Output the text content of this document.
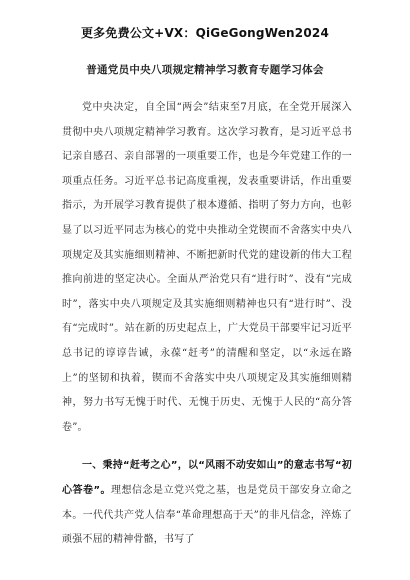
更多免费公文+VX：QiGeGongWen2024
普通党员中央八项规定精神学习教育专题学习体会

党中央决定，自全国“两会”结束至7月底，在全党开展深入贯彻中央八项规定精神学习教育。这次学习教育，是习近平总书记亲自感召、亲自部署的一项重要工作，也是今年党建工作的一项重点任务。习近平总书记高度重视，发表重要讲话，作出重要指示，为开展学习教育提供了根本遵循、指明了努力方向，也彰显了以习近平同志为核心的党中央推动全党锲而不舍落实中央八项规定及其实施细则精神、不断把新时代党的建设新的伟大工程推向前进的坚定决心。全面从严治党只有“进行时”、没有“完成时”，落实中央八项规定及其实施细则精神也只有“进行时”、没有“完成时”。站在新的历史起点上，广大党员干部要牢记习近平总书记的谆谆告诫，永葆“赶考”的清醒和坚定，以“永远在路上”的坚韧和执着，锲而不舍落实中央八项规定及其实施细则精神，努力书写无愧于时代、无愧于历史、无愧于人民的“高分答卷”。

一、秉持“赶考之心”，以“风雨不动安如山”的意志书写“初心答卷”。理想信念是立党兴党之基，也是党员干部安身立命之本。一代代共产党人信奉“革命理想高于天”的非凡信念，淬炼了顽强不屈的精神骨骼，书写了
